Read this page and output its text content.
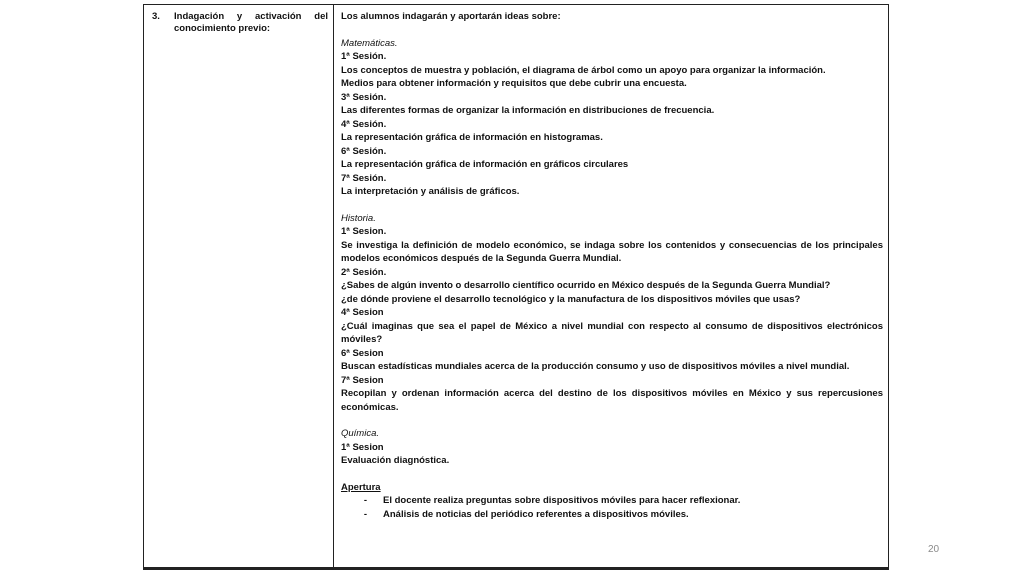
3. Indagación y activación del conocimiento previo:

Los alumnos indagarán y aportarán ideas sobre:

Matemáticas.

1ª Sesión.

Los conceptos de muestra y población, el diagrama de árbol como un apoyo para organizar la información.

Medios para obtener información y requisitos que debe cubrir una encuesta.

3ª Sesión.

Las diferentes formas de organizar la información en distribuciones de frecuencia.

4ª Sesión.

La representación gráfica de información en histogramas.

6ª Sesión.

La representación gráfica de información en gráficos circulares

7ª Sesión.

La interpretación y análisis de gráficos.

Historia.

1ª Sesion.

Se investiga la definición de modelo económico, se indaga sobre los contenidos y consecuencias de los principales modelos económicos después de la Segunda Guerra Mundial.

2ª Sesión.

¿Sabes de algún invento o desarrollo científico ocurrido en México después de la Segunda Guerra Mundial?

¿de dónde proviene el desarrollo tecnológico y la manufactura de los dispositivos móviles que usas?

4ª Sesion

¿Cuál imaginas que sea el papel de México a nivel mundial con respecto al consumo de dispositivos electrónicos móviles?

6ª Sesion

Buscan estadísticas mundiales acerca de la producción consumo y uso de dispositivos móviles a nivel mundial.

7ª Sesion

Recopilan y ordenan información acerca del destino de los dispositivos móviles en México y sus repercusiones económicas.

Química.

1ª Sesion

Evaluación diagnóstica.

Apertura

-	El docente realiza preguntas sobre dispositivos móviles para hacer reflexionar.
-	Análisis de noticias del periódico referentes a dispositivos móviles.
20
